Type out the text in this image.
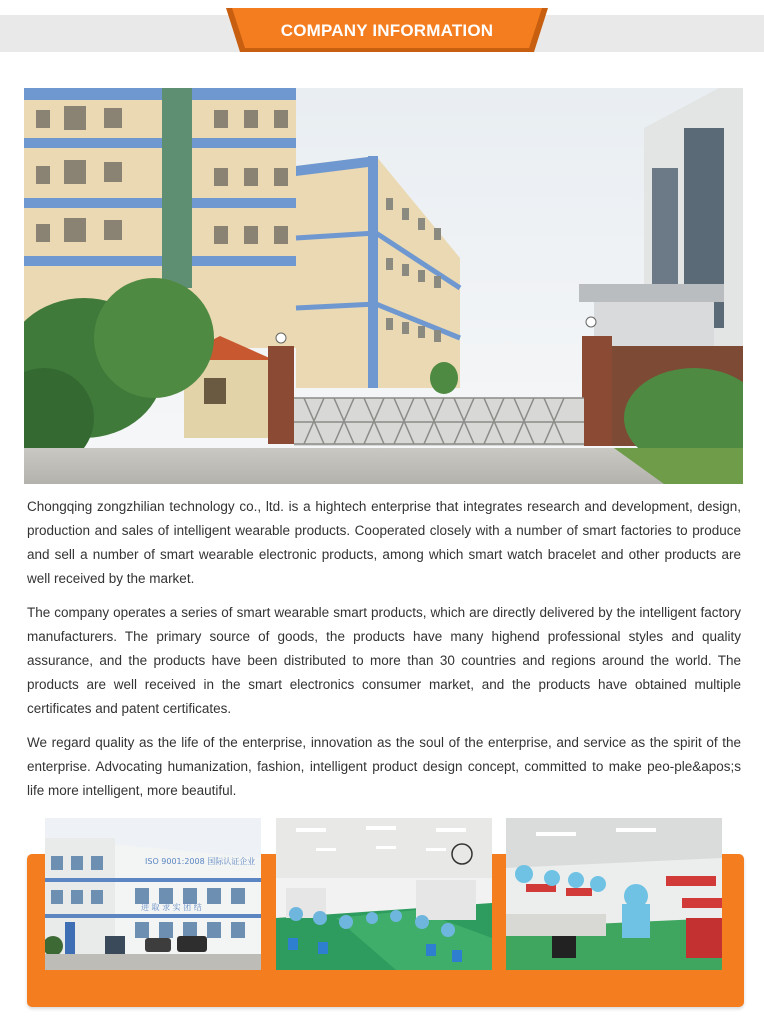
COMPANY INFORMATION

Chongqing zongzhilian technology co., ltd. is a hightech enterprise that integrates research and development, design, production and sales of intelligent wearable products. Cooperated closely with a number of smart factories to produce and sell a number of smart wearable electronic products, among which smart watch bracelet and other products are well received by the market.

The company operates a series of smart wearable smart products, which are directly delivered by the intelligent factory manufacturers. The primary source of goods, the products have many highend professional styles and quality assurance, and the products have been distributed to more than 30 countries and regions around the world. The products are well received in the smart electronics consumer market, and the products have obtained multiple certificates and patent certificates.

We regard quality as the life of the enterprise, innovation as the soul of the enterprise, and service as the spirit of the enterprise. Advocating humanization, fashion, intelligent product design concept, committed to make peo-ple&apos;s life more intelligent, more beautiful.

ISO 9001:2008 国际认证企业
进 取 求 实 团 结
